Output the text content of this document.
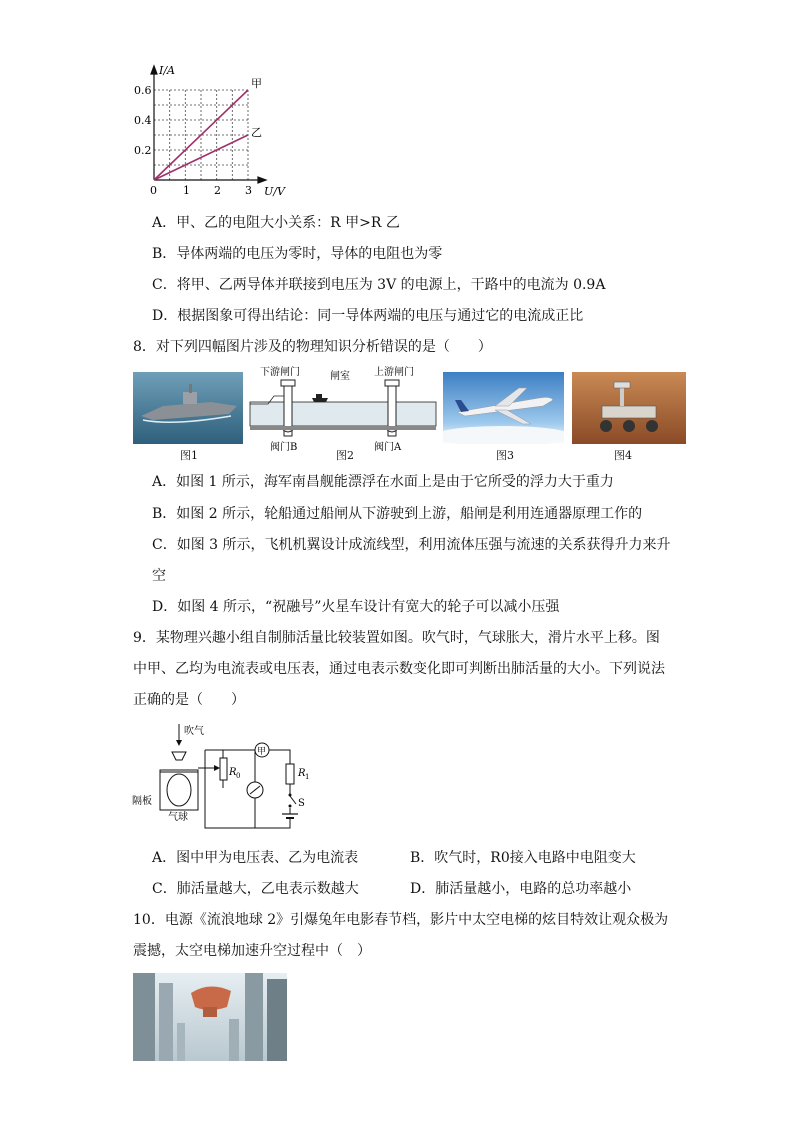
I/A
U/V
0.6
0.4
0.2
0 1 2 3
甲
乙
A．甲、乙的电阻大小关系：R 甲>R 乙
B．导体两端的电压为零时，导体的电阻也为零
C．将甲、乙两导体并联接到电压为 3V 的电源上，干路中的电流为 0.9A
D．根据图象可得出结论：同一导体两端的电压与通过它的电流成正比
8．对下列四幅图片涉及的物理知识分析错误的是（　　）
图1
下游闸门	闸室 上游闸门
阀门B	阀门A
图2	图3	图4
A．如图 1 所示，海军南昌舰能漂浮在水面上是由于它所受的浮力大于重力
B．如图 2 所示，轮船通过船闸从下游驶到上游，船闸是利用连通器原理工作的
C．如图 3 所示，飞机机翼设计成流线型，利用流体压强与流速的关系获得升力来升
空
D．如图 4 所示，“祝融号”火星车设计有宽大的轮子可以减小压强
9．某物理兴趣小组自制肺活量比较装置如图。吹气时，气球胀大，滑片水平上移。图
中甲、乙均为电流表或电压表，通过电表示数变化即可判断出肺活量的大小。下列说法
正确的是（　　）
吹气
隔板
气球
R 0
甲
R 1
S
A．图中甲为电压表、乙为电流表	B．吹气时，R0接入电路中电阻变大
C．肺活量越大，乙电表示数越大	D．肺活量越小，电路的总功率越小
10．电源《流浪地球 2》引爆兔年电影春节档，影片中太空电梯的炫目特效让观众极为
震撼，太空电梯加速升空过程中（　）
